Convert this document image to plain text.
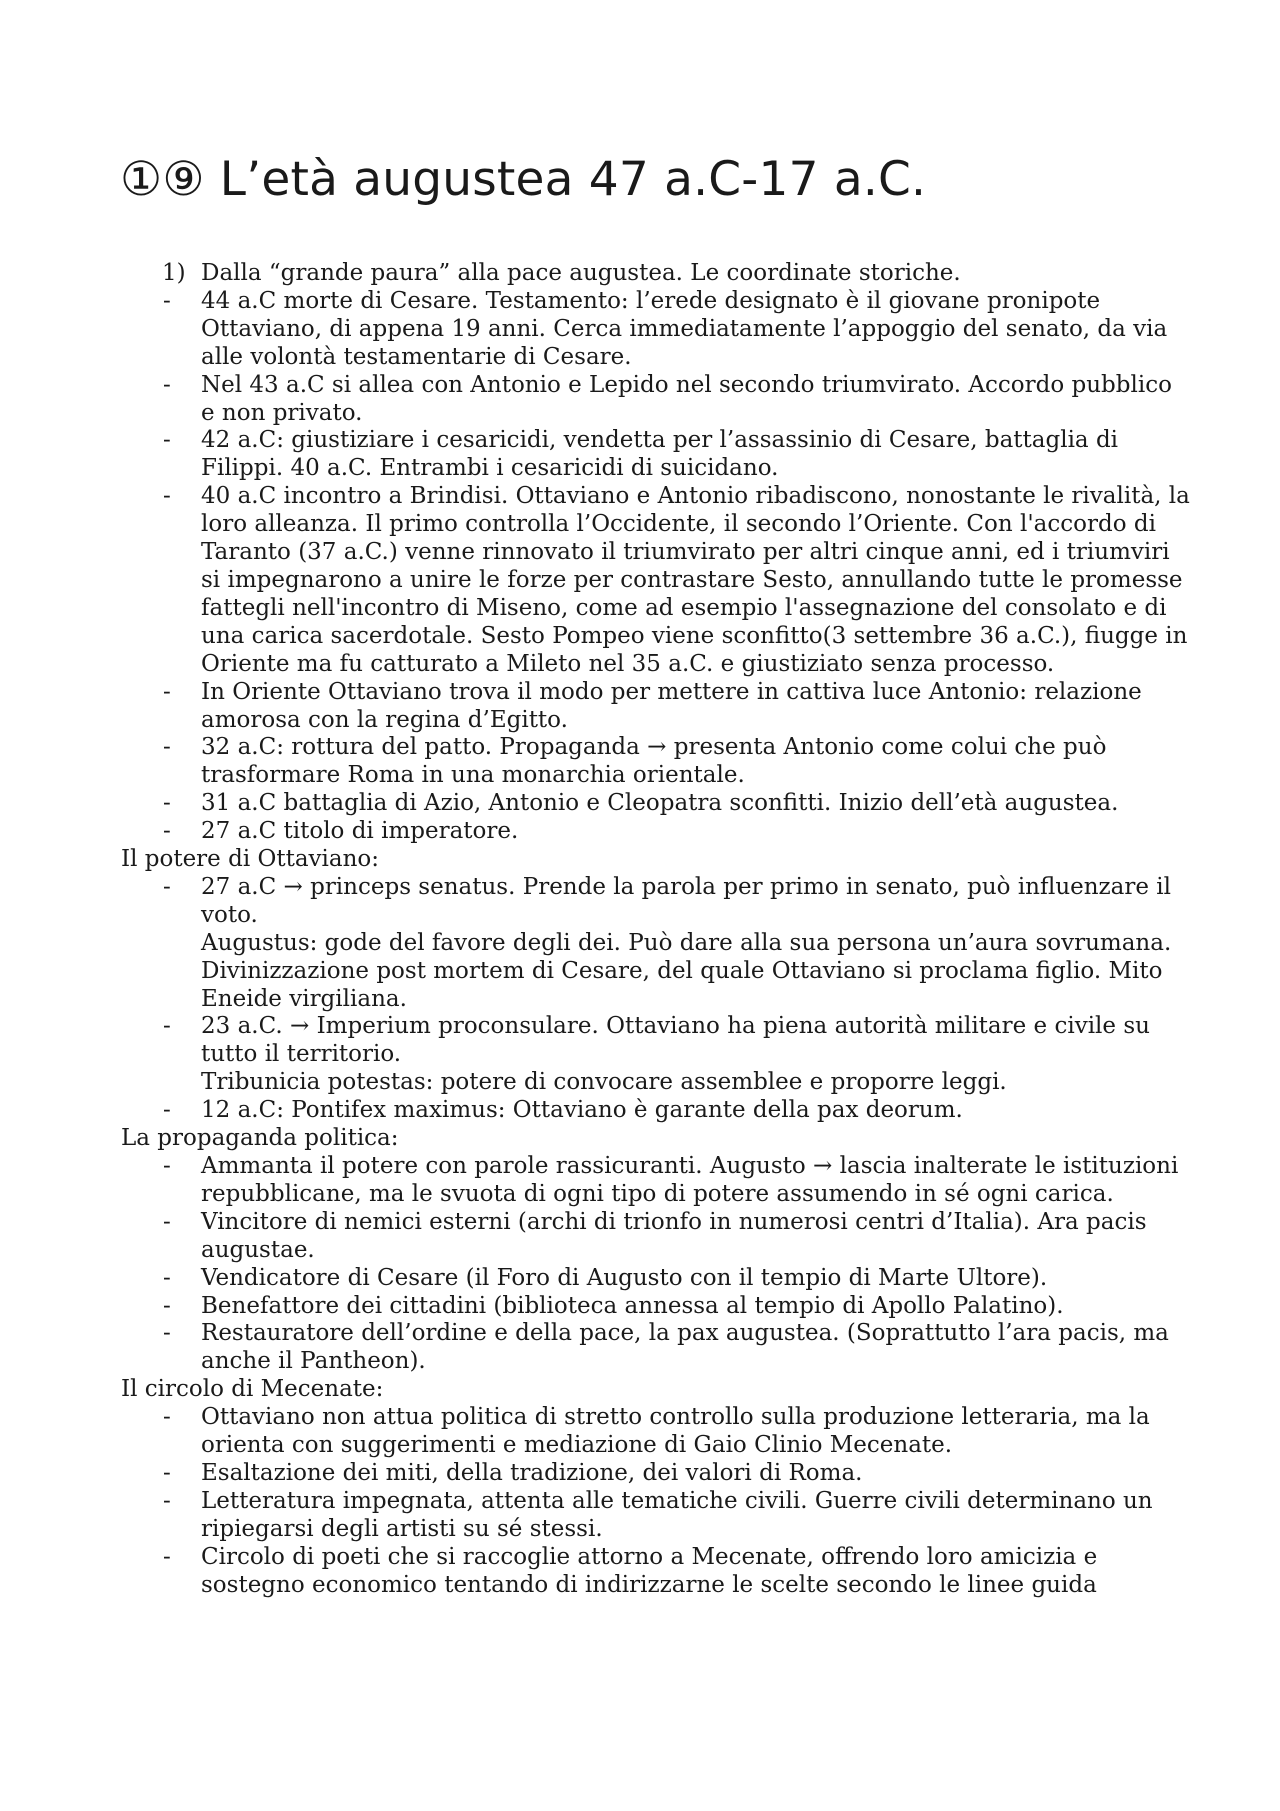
①⑨ L’età augustea 47 a.C-17 a.C.
1) Dalla “grande paura” alla pace augustea. Le coordinate storiche.
- 44 a.C morte di Cesare. Testamento: l’erede designato è il giovane pronipote Ottaviano, di appena 19 anni. Cerca immediatamente l’appoggio del senato, da via alle volontà testamentarie di Cesare.

- Nel 43 a.C si allea con Antonio e Lepido nel secondo triumvirato. Accordo pubblico e non privato.

- 42 a.C: giustiziare i cesaricidi, vendetta per l’assassinio di Cesare, battaglia di Filippi. 40 a.C. Entrambi i cesaricidi di suicidano.

- 40 a.C incontro a Brindisi. Ottaviano e Antonio ribadiscono, nonostante le rivalità, la loro alleanza. Il primo controlla l’Occidente, il secondo l’Oriente. Con l'accordo di Taranto (37 a.C.) venne rinnovato il triumvirato per altri cinque anni, ed i triumviri si impegnarono a unire le forze per contrastare Sesto, annullando tutte le promesse fattegli nell'incontro di Miseno, come ad esempio l'assegnazione del consolato e di una carica sacerdotale. Sesto Pompeo viene sconfitto(3 settembre 36 a.C.), fiugge in Oriente ma fu catturato a Mileto nel 35 a.C. e giustiziato senza processo.

- In Oriente Ottaviano trova il modo per mettere in cattiva luce Antonio: relazione amorosa con la regina d’Egitto.

- 32 a.C: rottura del patto. Propaganda → presenta Antonio come colui che può trasformare Roma in una monarchia orientale.

- 31 a.C battaglia di Azio, Antonio e Cleopatra sconfitti. Inizio dell’età augustea.

- 27 a.C titolo di imperatore.

Il potere di Ottaviano:

- 27 a.C → princeps senatus. Prende la parola per primo in senato, può influenzare il voto.

Augustus: gode del favore degli dei. Può dare alla sua persona un’aura sovrumana. Divinizzazione post mortem di Cesare, del quale Ottaviano si proclama figlio. Mito Eneide virgiliana.

- 23 a.C. → Imperium proconsulare. Ottaviano ha piena autorità militare e civile su tutto il territorio.

Tribunicia potestas: potere di convocare assemblee e proporre leggi.

- 12 a.C: Pontifex maximus: Ottaviano è garante della pax deorum.

La propaganda politica:

- Ammanta il potere con parole rassicuranti. Augusto → lascia inalterate le istituzioni repubblicane, ma le svuota di ogni tipo di potere assumendo in sé ogni carica.

- Vincitore di nemici esterni (archi di trionfo in numerosi centri d’Italia). Ara pacis augustae.

- Vendicatore di Cesare (il Foro di Augusto con il tempio di Marte Ultore).

- Benefattore dei cittadini (biblioteca annessa al tempio di Apollo Palatino).

- Restauratore dell’ordine e della pace, la pax augustea. (Soprattutto l’ara pacis, ma anche il Pantheon).

Il circolo di Mecenate:

- Ottaviano non attua politica di stretto controllo sulla produzione letteraria, ma la orienta con suggerimenti e mediazione di Gaio Clinio Mecenate.

- Esaltazione dei miti, della tradizione, dei valori di Roma.

- Letteratura impegnata, attenta alle tematiche civili. Guerre civili determinano un ripiegarsi degli artisti su sé stessi.

- Circolo di poeti che si raccoglie attorno a Mecenate, offrendo loro amicizia e sostegno economico tentando di indirizzarne le scelte secondo le linee guida
